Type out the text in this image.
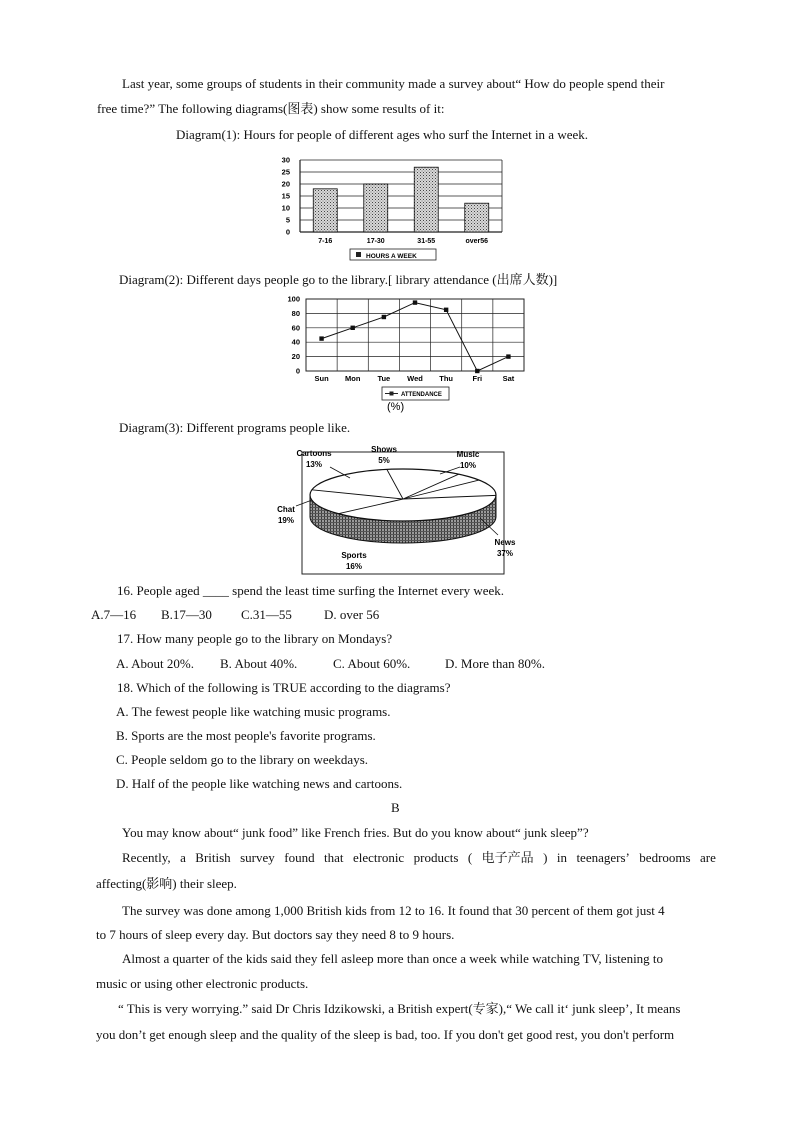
Last year, some groups of students in their community made a survey about“ How do people spend their
free time?” The following diagrams(图表) show some results of it:
Diagram(1): Hours for people of different ages who surf the Internet in a week.
0
5
10
15
20
25
30
7-16	17-30	31-55	over56
HOURS A WEEK
Diagram(2): Different days people go to the library.[ library attendance (出席人数)]
0
20
40
60
80
100
Sun Mon Tue Wed Thu	Fri	Sat
ATTENDANCE
(%)
Diagram(3): Different programs people like.
Cartoons
13%
Shows
5%
Music
10%
News
37%
Sports
16%
Chat
19%
16. People aged ____ spend the least time surfing the Internet every week.
A.7—16 B.17—30 C.31—55 D. over 56
17. How many people go to the library on Mondays?
A. About 20%. B. About 40%.	C. About 60%.	D. More than 80%.
18. Which of the following is TRUE according to the diagrams?
A. The fewest people like watching music programs.
B. Sports are the most people's favorite programs.
C. People seldom go to the library on weekdays.
D. Half of the people like watching news and cartoons.
B
You may know about“ junk food” like French fries. But do you know about“ junk sleep”?
Recently, a British survey found that electronic products ( 电子产品 ) in teenagers’ bedrooms are
affecting(影响) their sleep.
The survey was done among 1,000 British kids from 12 to 16. It found that 30 percent of them got just 4
to 7 hours of sleep every day. But doctors say they need 8 to 9 hours.
Almost a quarter of the kids said they fell asleep more than once a week while watching TV, listening to
music or using other electronic products.
“ This is very worrying.” said Dr Chris Idzikowski, a British expert(专家),“ We call it‘ junk sleep’, It means
you don’t get enough sleep and the quality of the sleep is bad, too. If you don't get good rest, you don't perform
